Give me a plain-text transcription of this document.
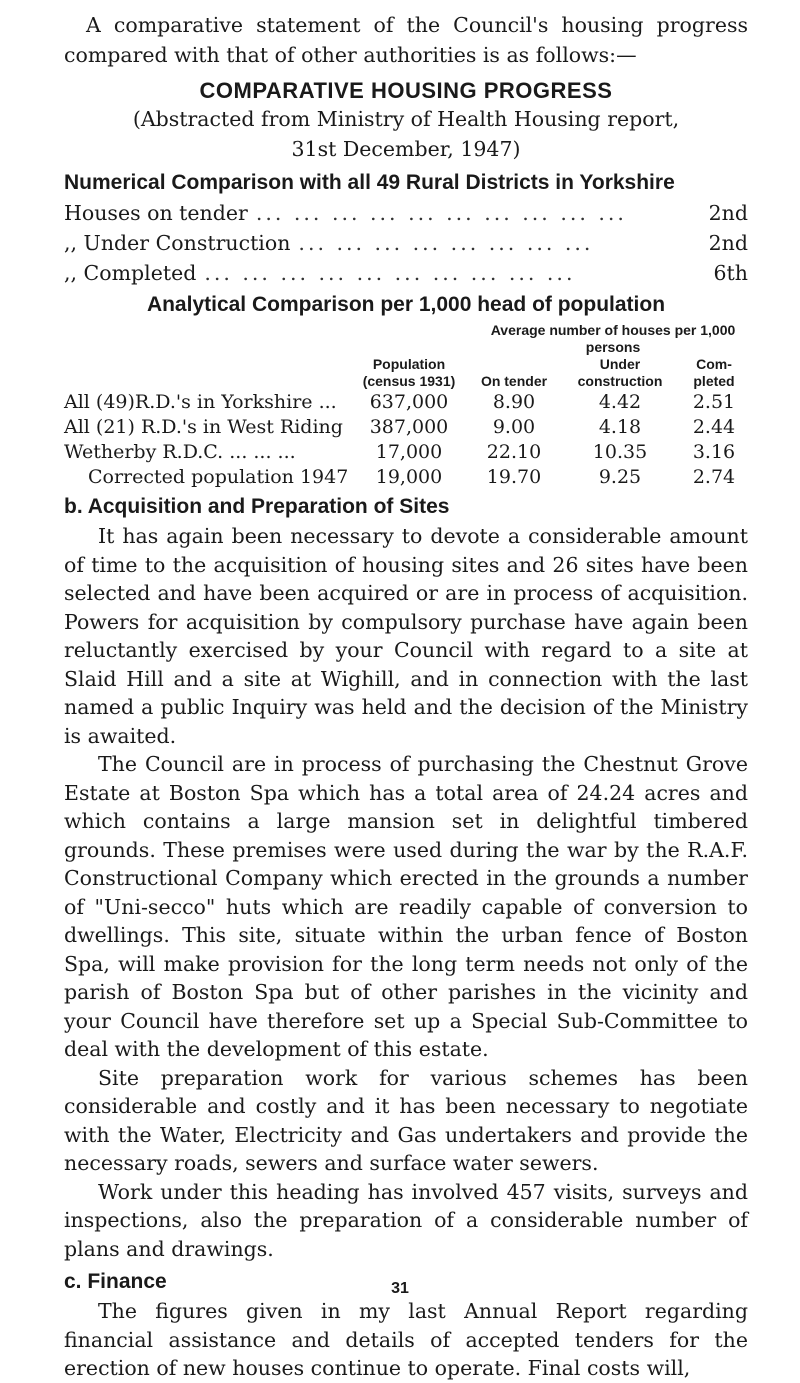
A comparative statement of the Council's housing progress compared with that of other authorities is as follows:—

COMPARATIVE HOUSING PROGRESS

(Abstracted from Ministry of Health Housing report,

31st December, 1947)

Numerical Comparison with all 49 Rural Districts in Yorkshire
Houses on tender ... ... ... ... ... ... ... ... ... ...	2nd
,, Under Construction ... ... ... ... ... ... ... ...	2nd
,, Completed ... ... ... ... ... ... ... ... ... ...	6th
Analytical Comparison per 1,000 head of population
		Average number of houses per 1,000 persons		
	Population (census 1931)	On tender	Under construction	Com- pleted
All (49)R.D.'s in Yorkshire ...	637,000	8.90	4.42	2.51
All (21) R.D.'s in West Riding	387,000	9.00	4.18	2.44
Wetherby R.D.C. ... ... ...	17,000	22.10	10.35	3.16
Corrected population 1947	19,000	19.70	9.25	2.74
b. Acquisition and Preparation of Sites

It has again been necessary to devote a considerable amount of time to the acquisition of housing sites and 26 sites have been selected and have been acquired or are in process of acquisition. Powers for acquisition by compulsory purchase have again been reluctantly exercised by your Council with regard to a site at Slaid Hill and a site at Wighill, and in connection with the last named a public Inquiry was held and the decision of the Ministry is awaited.

The Council are in process of purchasing the Chestnut Grove Estate at Boston Spa which has a total area of 24.24 acres and which contains a large mansion set in delightful timbered grounds. These premises were used during the war by the R.A.F. Constructional Company which erected in the grounds a number of "Uni-secco" huts which are readily capable of conversion to dwellings. This site, situate within the urban fence of Boston Spa, will make provision for the long term needs not only of the parish of Boston Spa but of other parishes in the vicinity and your Council have therefore set up a Special Sub-Committee to deal with the development of this estate.

Site preparation work for various schemes has been considerable and costly and it has been necessary to negotiate with the Water, Electricity and Gas undertakers and provide the necessary roads, sewers and surface water sewers.

Work under this heading has involved 457 visits, surveys and inspections, also the preparation of a considerable number of plans and drawings.

c. Finance

The figures given in my last Annual Report regarding financial assistance and details of accepted tenders for the erection of new houses continue to operate. Final costs will,

31
